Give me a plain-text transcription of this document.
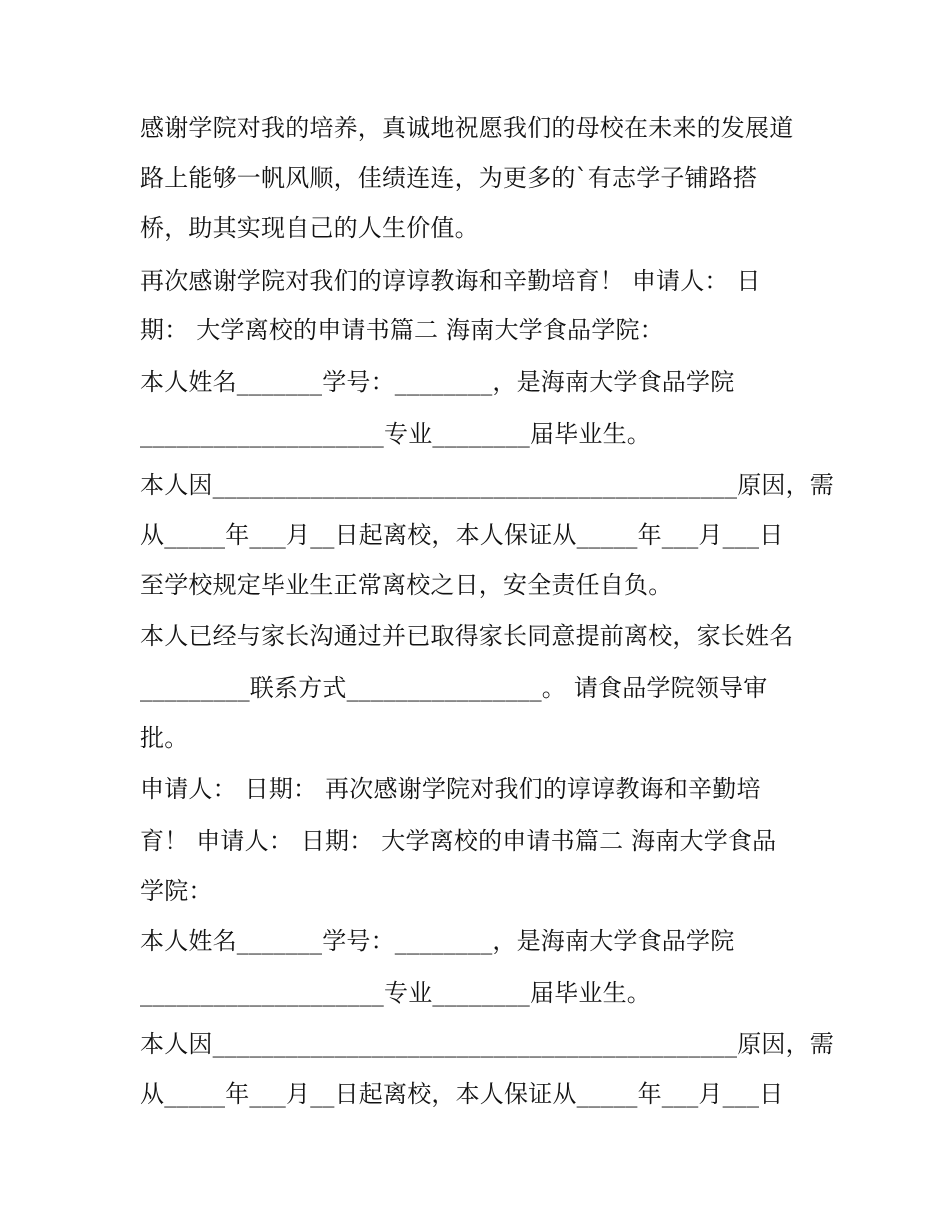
感谢学院对我的培养，真诚地祝愿我们的母校在未来的发展道
路上能够一帆风顺，佳绩连连，为更多的`有志学子铺路搭
桥，助其实现自己的人生价值。
再次感谢学院对我们的谆谆教诲和辛勤培育！ 申请人： 日
期： 大学离校的申请书篇二 海南大学食品学院：
本人姓名_______学号：________，是海南大学食品学院
____________________专业________届毕业生。
本人因___________________________________________原因，需
从_____年___月__日起离校，本人保证从_____年___月___日
至学校规定毕业生正常离校之日，安全责任自负。
本人已经与家长沟通过并已取得家长同意提前离校，家长姓名
_________联系方式________________。 请食品学院领导审
批。
申请人： 日期： 再次感谢学院对我们的谆谆教诲和辛勤培
育！ 申请人： 日期： 大学离校的申请书篇二 海南大学食品
学院：
本人姓名_______学号：________，是海南大学食品学院
____________________专业________届毕业生。
本人因___________________________________________原因，需
从_____年___月__日起离校，本人保证从_____年___月___日
